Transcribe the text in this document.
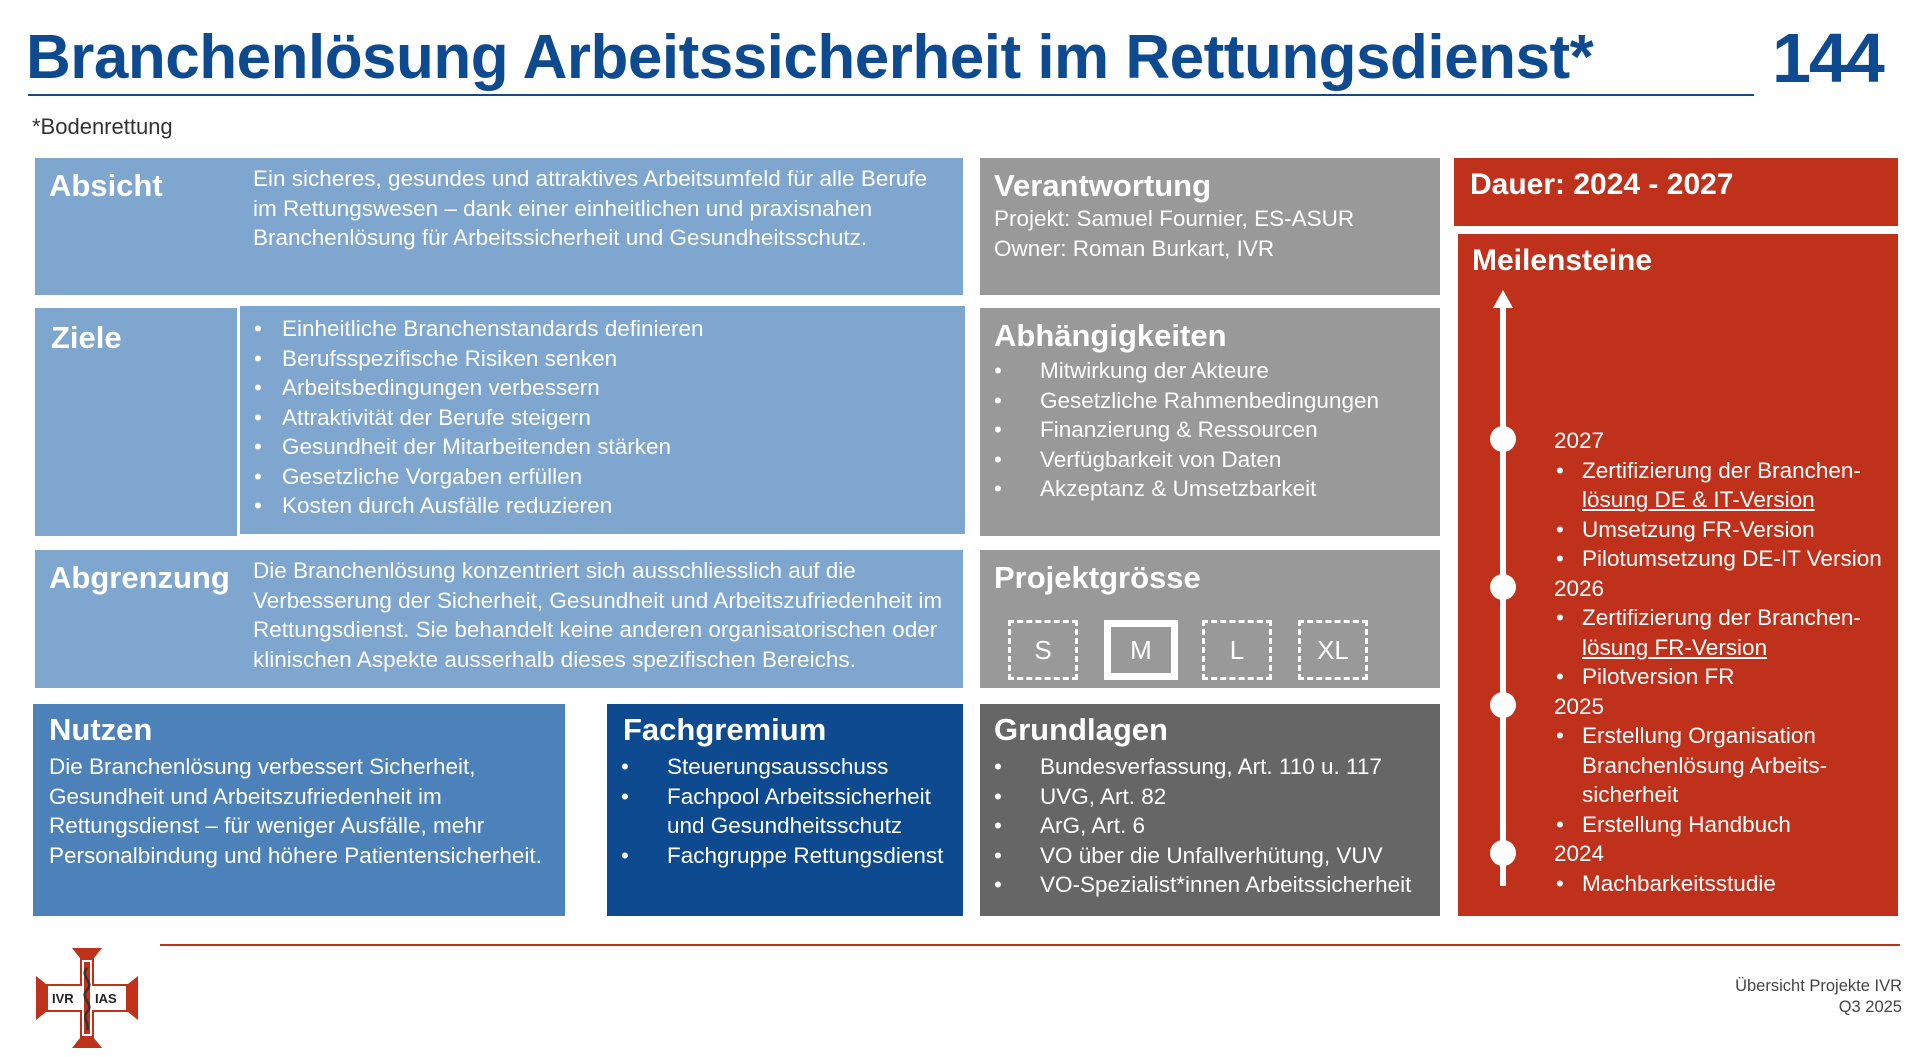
Branchenlösung Arbeitssicherheit im Rettungsdienst*	144
*Bodenrettung
Absicht	Ein sicheres, gesundes und attraktives Arbeitsumfeld für alle Berufe im Rettungswesen – dank einer einheitlichen und praxisnahen Branchenlösung für Arbeitssicherheit und Gesundheitsschutz.
Ziele	• Einheitliche Branchenstandards definieren
• Berufsspezifische Risiken senken
• Arbeitsbedingungen verbessern
• Attraktivität der Berufe steigern
• Gesundheit der Mitarbeitenden stärken
• Gesetzliche Vorgaben erfüllen
• Kosten durch Ausfälle reduzieren
Abgrenzung Die Branchenlösung konzentriert sich ausschliesslich auf die Verbesserung der Sicherheit, Gesundheit und Arbeitszufriedenheit im Rettungsdienst. Sie behandelt keine anderen organisatorischen oder klinischen Aspekte ausserhalb dieses spezifischen Bereichs.
Nutzen
Die Branchenlösung verbessert Sicherheit, Gesundheit und Arbeitszufriedenheit im Rettungsdienst – für weniger Ausfälle, mehr Personalbindung und höhere Patientensicherheit.
Fachgremium
• Steuerungsausschuss
• Fachpool Arbeitssicherheit
und Gesundheitsschutz
• Fachgruppe Rettungsdienst
Verantwortung
Projekt: Samuel Fournier, ES-ASUR
Owner: Roman Burkart, IVR
Abhängigkeiten
• Mitwirkung der Akteure
• Gesetzliche Rahmenbedingungen
• Finanzierung & Ressourcen
• Verfügbarkeit von Daten
• Akzeptanz & Umsetzbarkeit
Projektgrösse
S	M	L	XL
Grundlagen
• Bundesverfassung, Art. 110 u. 117
• UVG, Art. 82
• ArG, Art. 6
• VO über die Unfallverhütung, VUV
• VO-Spezialist*innen Arbeitssicherheit
Dauer: 2024 - 2027
Meilensteine
2027
• Zertifizierung der Branchen-
lösung DE & IT-Version
• Umsetzung FR-Version
• Pilotumsetzung DE-IT Version
2026
• Zertifizierung der Branchen-
lösung FR-Version
• Pilotversion FR
2025
• Erstellung Organisation
Branchenlösung Arbeits-
sicherheit
• Erstellung Handbuch
2024
• Machbarkeitsstudie
IVR IAS
Übersicht Projekte IVR
Q3 2025
